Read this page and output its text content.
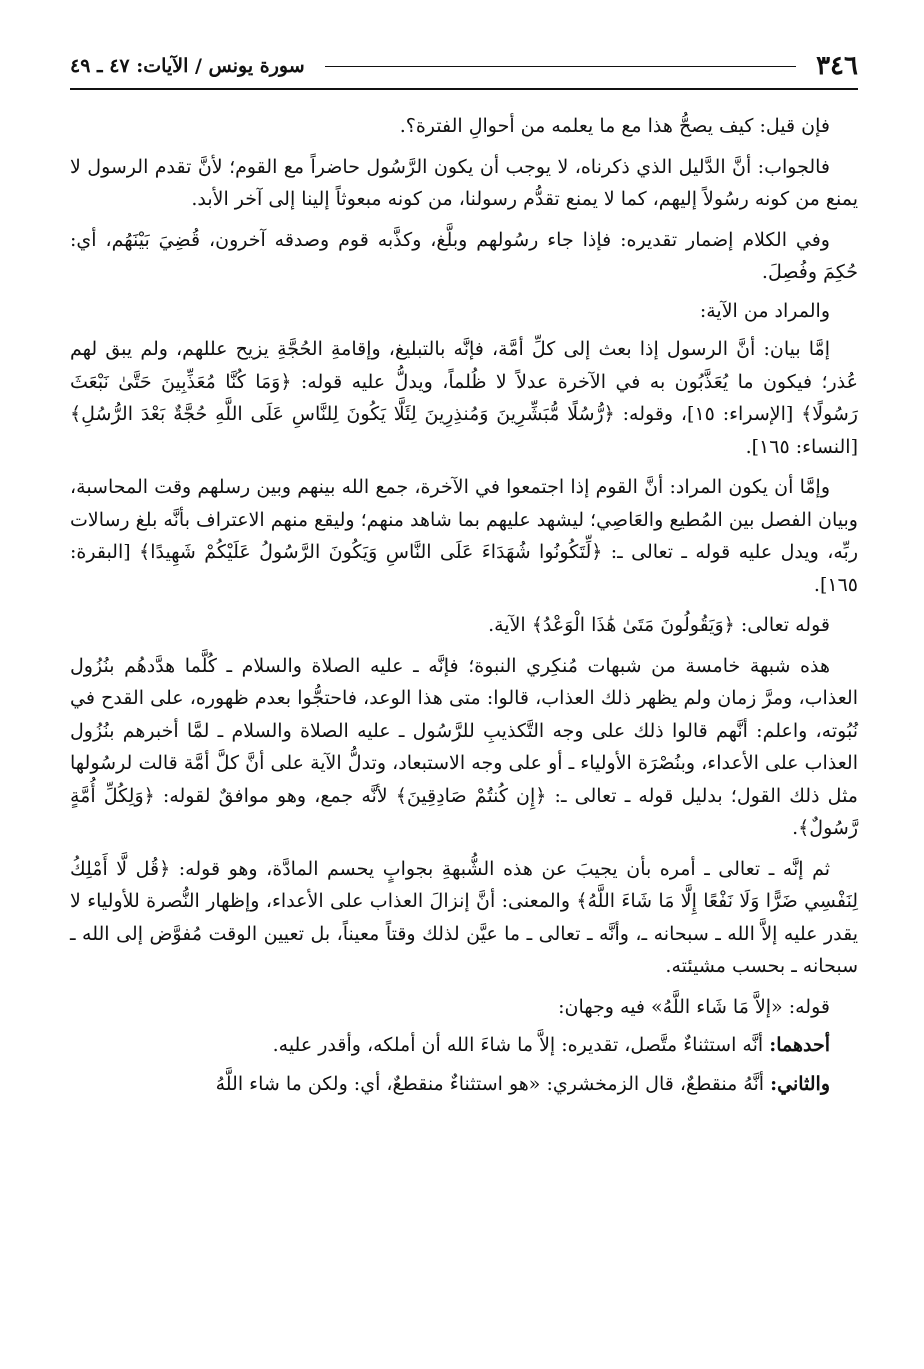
٣٤٦
سورة يونس / الآيات: ٤٧ ـ ٤٩

فإن قيل: كيف يصحُّ هذا مع ما يعلمه من أحوالِ الفترة؟.

فالجواب: أنَّ الدَّليل الذي ذكرناه، لا يوجب أن يكون الرَّسُول حاضراً مع القوم؛ لأنَّ تقدم الرسول لا يمنع من كونه رسُولاً إليهم، كما لا يمنع تقدُّم رسولنا، من كونه مبعوثاً إلينا إلى آخر الأبد.

وفي الكلام إضمار تقديره: فإذا جاء رسُولهم وبلَّغ، وكذَّبه قوم وصدقه آخرون، قُضِيَ بَيْنَهُم، أي: حُكِمَ وفُصِلَ.

والمراد من الآية:

إمَّا بيان: أنَّ الرسول إذا بعث إلى كلِّ أمَّة، فإنَّه بالتبليغ، وإقامةِ الحُجَّةِ يزيح عللهم، ولم يبق لهم عُذر؛ فيكون ما يُعَذَّبُون به في الآخرة عدلاً لا ظُلماً، ويدلُّ عليه قوله: ﴿وَمَا كُنَّا مُعَذِّبِينَ حَتَّىٰ نَبْعَثَ رَسُولًا﴾ [الإسراء: ١٥]، وقوله: ﴿رُّسُلًا مُّبَشِّرِينَ وَمُنذِرِينَ لِئَلَّا يَكُونَ لِلنَّاسِ عَلَى اللَّهِ حُجَّةٌ بَعْدَ الرُّسُلِ﴾ [النساء: ١٦٥].

وإمَّا أن يكون المراد: أنَّ القوم إذا اجتمعوا في الآخرة، جمع الله بينهم وبين رسلهم وقت المحاسبة، وبيان الفصل بين المُطيع والعَاصِي؛ ليشهد عليهم بما شاهد منهم؛ وليقع منهم الاعتراف بأنَّه بلغ رسالات ربِّه، ويدل عليه قوله ـ تعالى ـ: ﴿لِّتَكُونُوا شُهَدَاءَ عَلَى النَّاسِ وَيَكُونَ الرَّسُولُ عَلَيْكُمْ شَهِيدًا﴾ [البقرة: ١٦٥].

قوله تعالى: ﴿وَيَقُولُونَ مَتَىٰ هَٰذَا الْوَعْدُ﴾ الآية.

هذه شبهة خامسة من شبهات مُنكِري النبوة؛ فإنَّه ـ عليه الصلاة والسلام ـ كُلَّما هدَّدهُم بنُزُول العذاب، ومرَّ زمان ولم يظهر ذلك العذاب، قالوا: متى هذا الوعد، فاحتجُّوا بعدم ظهوره، على القدح في نُبُوته، واعلم: أنَّهم قالوا ذلك على وجه التَّكذيبِ للرَّسُول ـ عليه الصلاة والسلام ـ لمَّا أخبرهم بنُزُول العذاب على الأعداء، وبنُصْرَة الأولياء ـ أو على وجه الاستبعاد، وتدلُّ الآية على أنَّ كلَّ أمَّة قالت لرسُولها مثل ذلك القول؛ بدليل قوله ـ تعالى ـ: ﴿إِن كُنتُمْ صَادِقِينَ﴾ لأنَّه جمع، وهو موافقٌ لقوله: ﴿وَلِكُلِّ أُمَّةٍ رَّسُولٌ﴾.

ثم إنَّه ـ تعالى ـ أمره بأن يجيبَ عن هذه الشُّبهةِ بجوابٍ يحسم المادَّة، وهو قوله: ﴿قُل لَّا أَمْلِكُ لِنَفْسِي ضَرًّا وَلَا نَفْعًا إِلَّا مَا شَاءَ اللَّهُ﴾ والمعنى: أنَّ إنزالَ العذاب على الأعداء، وإظهار النُّصرة للأولياء لا يقدر عليه إلاَّ الله ـ سبحانه ـ، وأنَّه ـ تعالى ـ ما عيَّن لذلك وقتاً معيناً، بل تعيين الوقت مُفوَّض إلى الله ـ سبحانه ـ بحسب مشيئته.

قوله: «إلاَّ مَا شَاء اللَّهُ» فيه وجهان:

أحدهما: أنَّه استثناءٌ متَّصل، تقديره: إلاَّ ما شاءَ الله أن أملكه، وأقدر عليه.

والثاني: أنَّهُ منقطعٌ، قال الزمخشري: «هو استثناءٌ منقطعٌ، أي: ولكن ما شاء اللَّهُ
